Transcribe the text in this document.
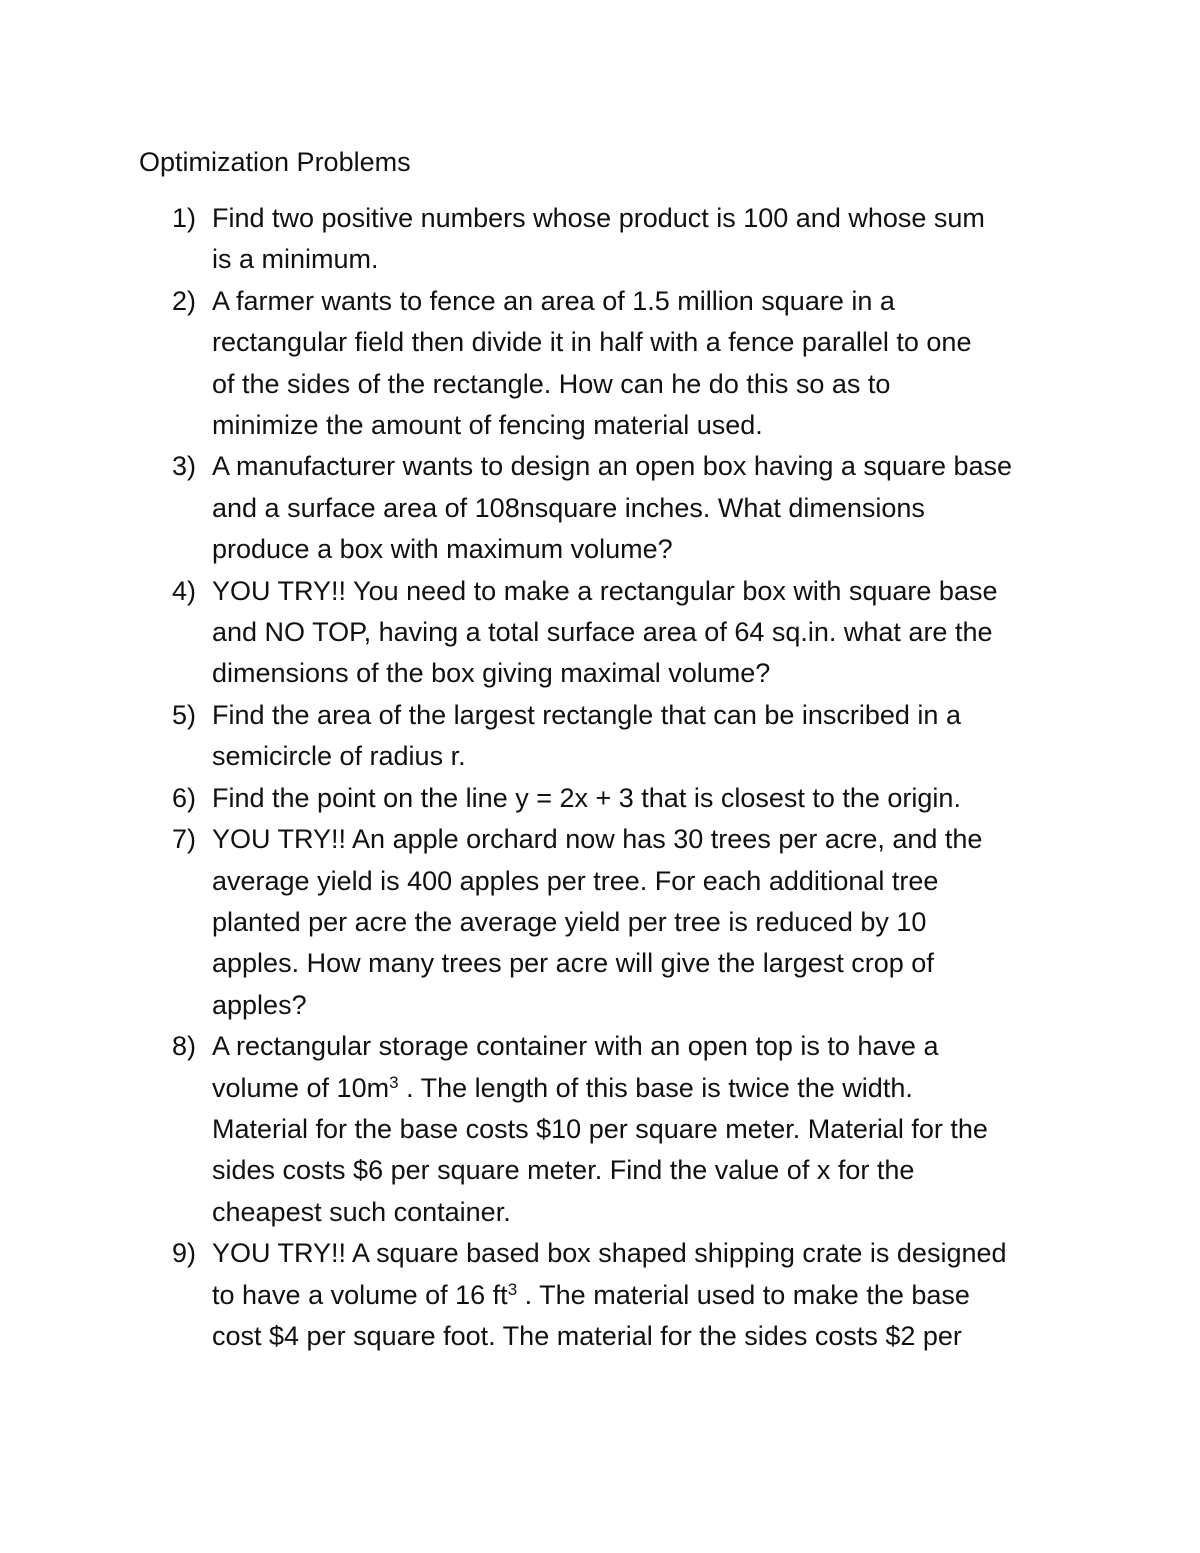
Optimization Problems
1) Find two positive numbers whose product is 100 and whose sum
is a minimum.
2) A farmer wants to fence an area of 1.5 million square in a
rectangular field then divide it in half with a fence parallel to one
of the sides of the rectangle. How can he do this so as to
minimize the amount of fencing material used.
3) A manufacturer wants to design an open box having a square base
and a surface area of 108nsquare inches. What dimensions
produce a box with maximum volume?
4) YOU TRY!! You need to make a rectangular box with square base
and NO TOP, having a total surface area of 64 sq.in. what are the
dimensions of the box giving maximal volume?
5) Find the area of the largest rectangle that can be inscribed in a
semicircle of radius r.
6) Find the point on the line y = 2x + 3 that is closest to the origin.
7) YOU TRY!! An apple orchard now has 30 trees per acre, and the
average yield is 400 apples per tree. For each additional tree
planted per acre the average yield per tree is reduced by 10
apples. How many trees per acre will give the largest crop of
apples?
8) A rectangular storage container with an open top is to have a
volume of $10m^3$ . The length of this base is twice the width.
Material for the base costs $10 per square meter. Material for the
sides costs $6 per square meter. Find the value of x for the
cheapest such container.
9) YOU TRY!! A square based box shaped shipping crate is designed
to have a volume of 16 $ft^3$ . The material used to make the base
cost $4 per square foot. The material for the sides costs $2 per
